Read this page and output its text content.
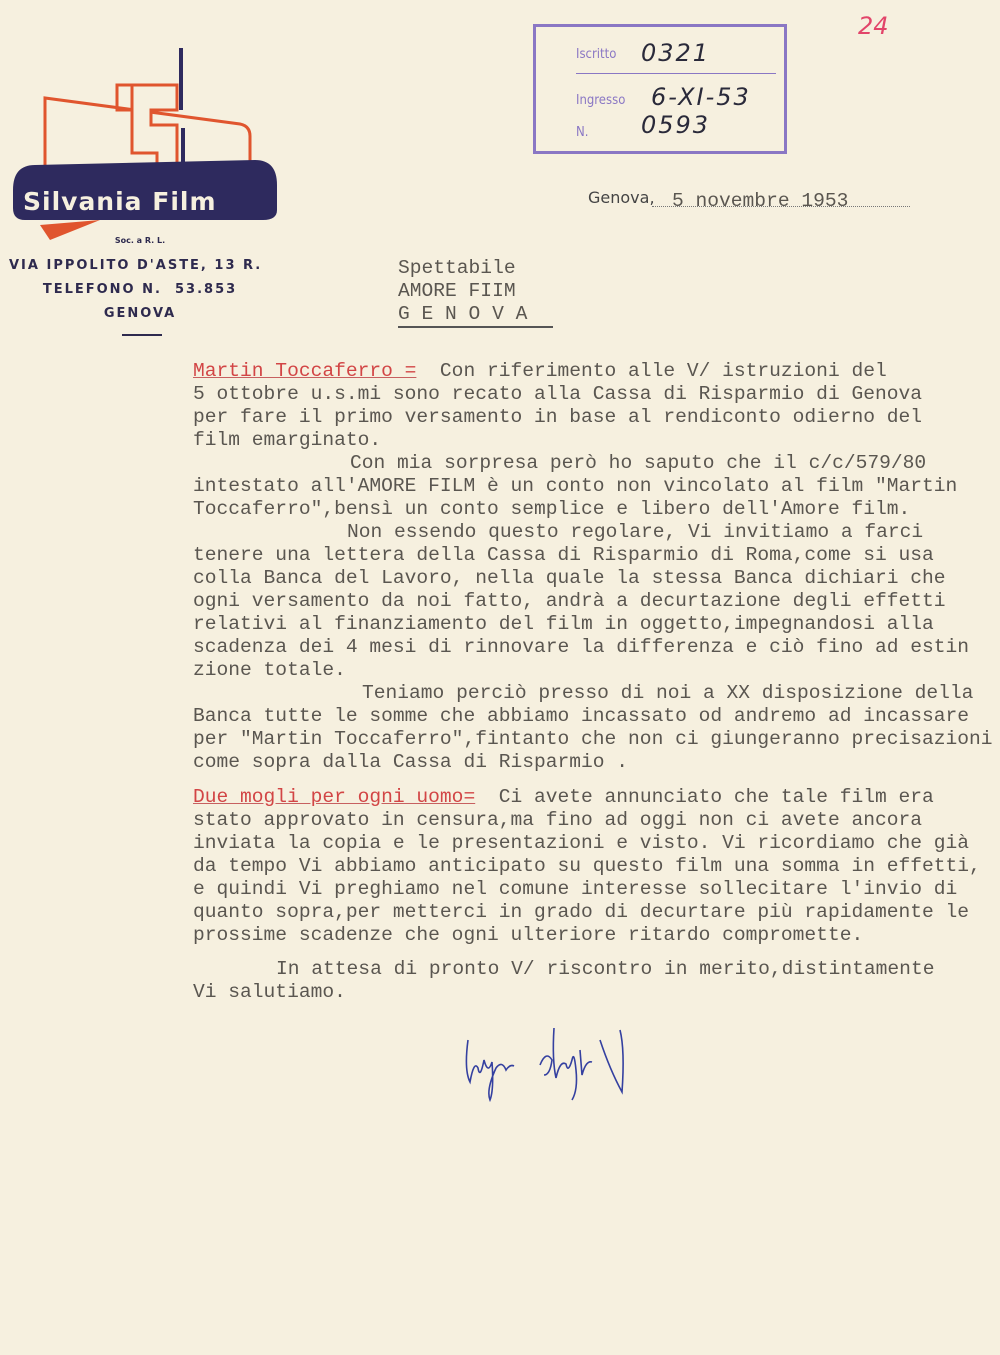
Silvania Film
Soc. a R. L.
VIA IPPOLITO D'ASTE, 13 R.
TELEFONO N.  53.853
GENOVA
24
Iscritto 0321
Ingresso 6-XI-53
N. 0593
Genova, 5 novembre 1953
Spettabile
AMORE FIIM
G E N O V A
Martin Toccaferro =  Con riferimento alle V/ istruzioni del
5 ottobre u.s.mi sono recato alla Cassa di Risparmio di Genova
per fare il primo versamento in base al rendiconto odierno del
film emarginato.
Con mia sorpresa però ho saputo che il c/c/579/80
intestato all'AMORE FILM è un conto non vincolato al film "Martin
Toccaferro",bensì un conto semplice e libero dell'Amore film.
Non essendo questo regolare, Vi invitiamo a farci
tenere una lettera della Cassa di Risparmio di Roma,come si usa
colla Banca del Lavoro, nella quale la stessa Banca dichiari che
ogni versamento da noi fatto, andrà a decurtazione degli effetti
relativi al finanziamento del film in oggetto,impegnandosi alla
scadenza dei 4 mesi di rinnovare la differenza e ciò fino ad estin
zione totale.
Teniamo perciò presso di noi a XX disposizione della
Banca tutte le somme che abbiamo incassato od andremo ad incassare
per "Martin Toccaferro",fintanto che non ci giungeranno precisazioni
come sopra dalla Cassa di Risparmio .
Due mogli per ogni uomo=  Ci avete annunciato che tale film era
stato approvato in censura,ma fino ad oggi non ci avete ancora
inviata la copia e le presentazioni e visto. Vi ricordiamo che già
da tempo Vi abbiamo anticipato su questo film una somma in effetti,
e quindi Vi preghiamo nel comune interesse sollecitare l'invio di
quanto sopra,per metterci in grado di decurtare più rapidamente le
prossime scadenze che ogni ulteriore ritardo compromette.
In attesa di pronto V/ riscontro in merito,distintamente
Vi salutiamo.
